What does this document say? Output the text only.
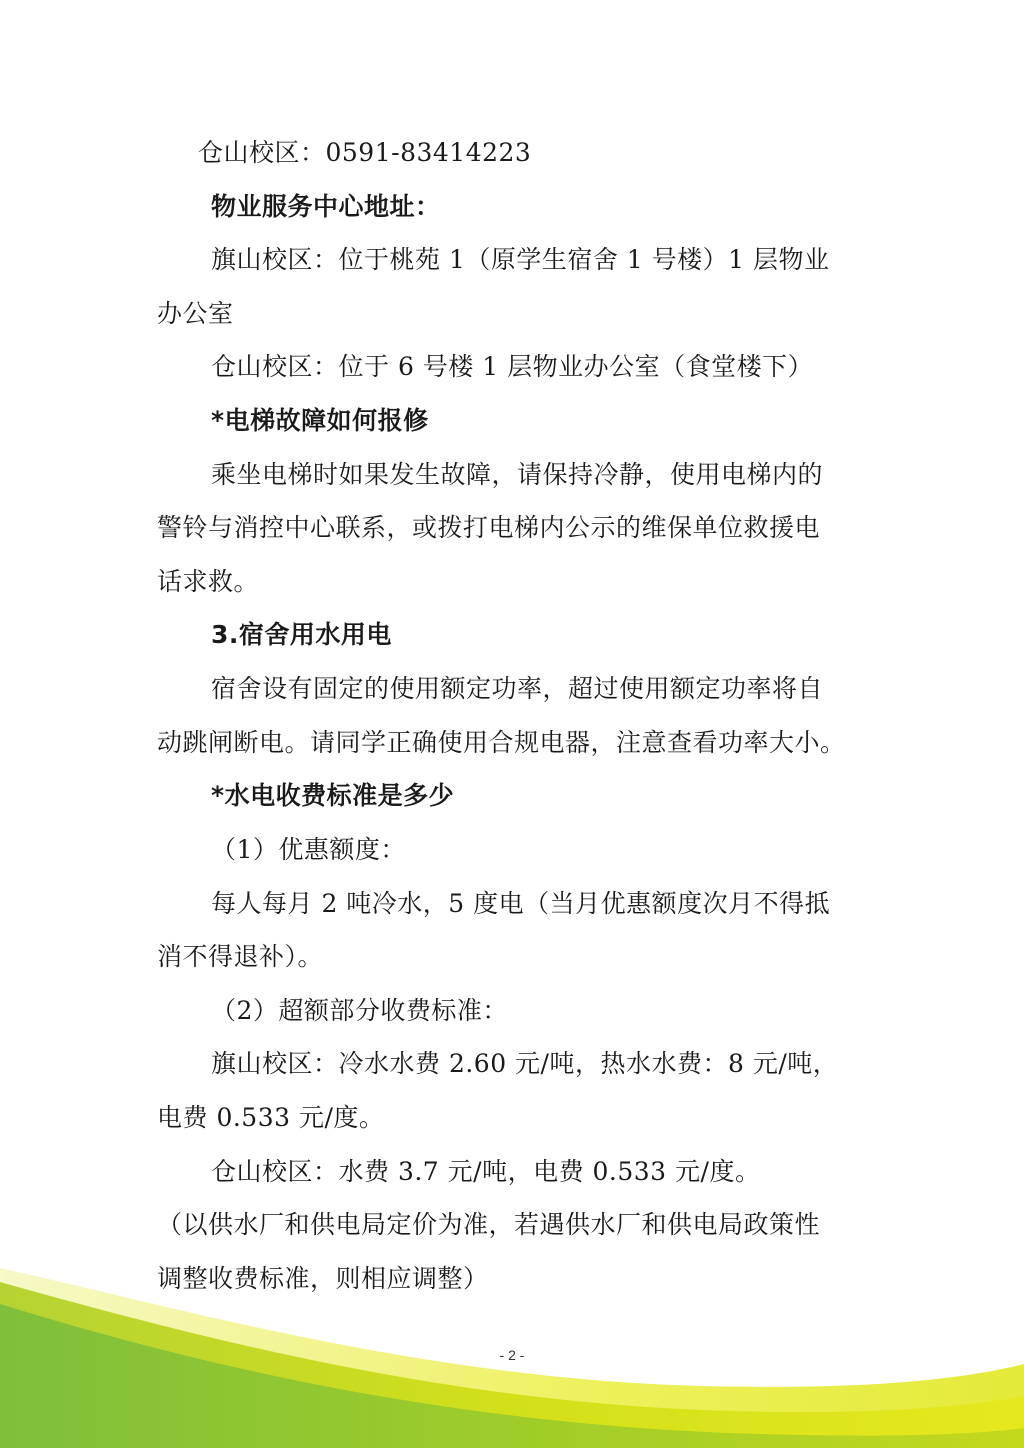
仓山校区：0591-83414223
物业服务中心地址：
旗山校区：位于桃苑 1（原学生宿舍 1 号楼）1 层物业
办公室
仓山校区：位于 6 号楼 1 层物业办公室（食堂楼下）
*电梯故障如何报修
乘坐电梯时如果发生故障，请保持冷静，使用电梯内的
警铃与消控中心联系，或拨打电梯内公示的维保单位救援电
话求救。
3.宿舍用水用电
宿舍设有固定的使用额定功率，超过使用额定功率将自
动跳闸断电。请同学正确使用合规电器，注意查看功率大小。
*水电收费标准是多少
（1）优惠额度：
每人每月 2 吨冷水，5 度电（当月优惠额度次月不得抵
消不得退补）。
（2）超额部分收费标准：
旗山校区：冷水水费 2.60 元/吨，热水水费：8 元/吨，
电费 0.533 元/度。
仓山校区：水费 3.7 元/吨，电费 0.533 元/度。
（以供水厂和供电局定价为准，若遇供水厂和供电局政策性
调整收费标准，则相应调整）
- 2 -
